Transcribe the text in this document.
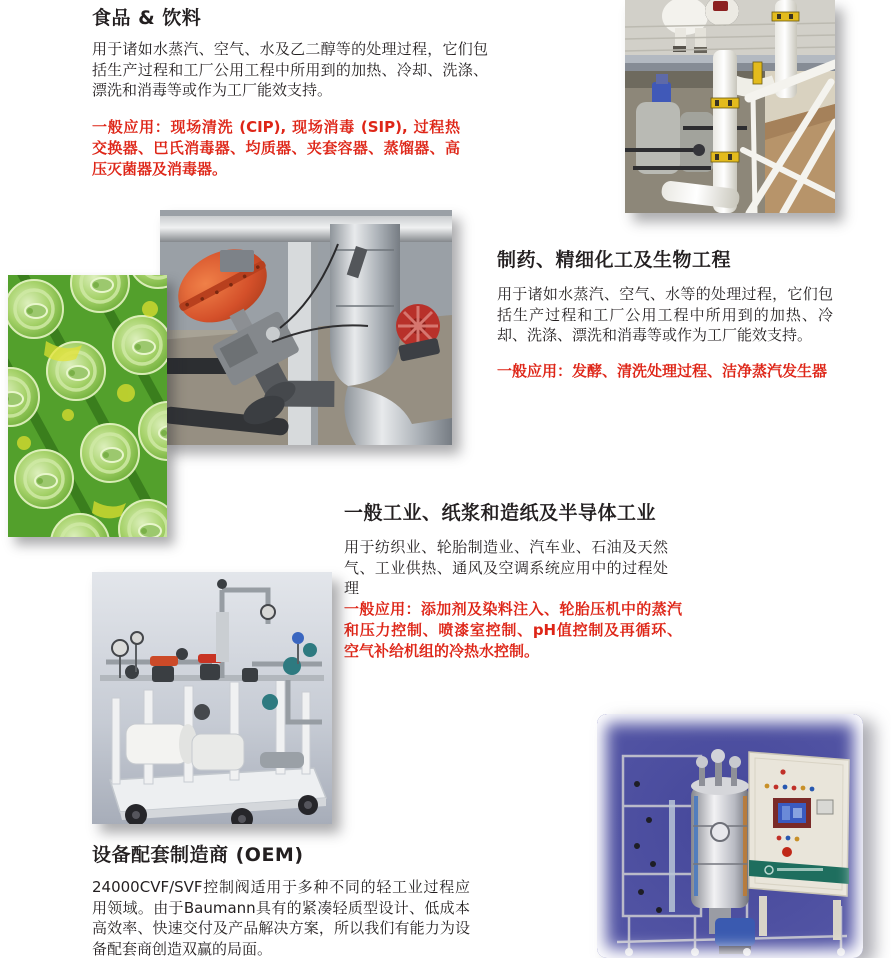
食品 & 饮料
用于诸如水蒸汽、空气、水及乙二醇等的处理过程，它们包括生产过程和工厂公用工程中所用到的加热、冷却、洗涤、漂洗和消毒等或作为工厂能效支持。
一般应用：现场清洗 (CIP), 现场消毒 (SIP), 过程热交换器、巴氏消毒器、均质器、夹套容器、蒸馏器、高压灭菌器及消毒器。
制药、精细化工及生物工程
用于诸如水蒸汽、空气、水等的处理过程，它们包括生产过程和工厂公用工程中所用到的加热、冷却、洗涤、漂洗和消毒等或作为工厂能效支持。
一般应用：发酵、清洗处理过程、洁净蒸汽发生器
一般工业、纸浆和造纸及半导体工业
用于纺织业、轮胎制造业、汽车业、石油及天然气、工业供热、通风及空调系统应用中的过程处理
一般应用：添加剂及染料注入、轮胎压机中的蒸汽和压力控制、喷漆室控制、pH值控制及再循环、空气补给机组的冷热水控制。
设备配套制造商 (OEM)
24000CVF/SVF控制阀适用于多种不同的轻工业过程应用领域。由于Baumann具有的紧凑轻质型设计、低成本高效率、快速交付及产品解决方案，所以我们有能力为设备配套商创造双赢的局面。
